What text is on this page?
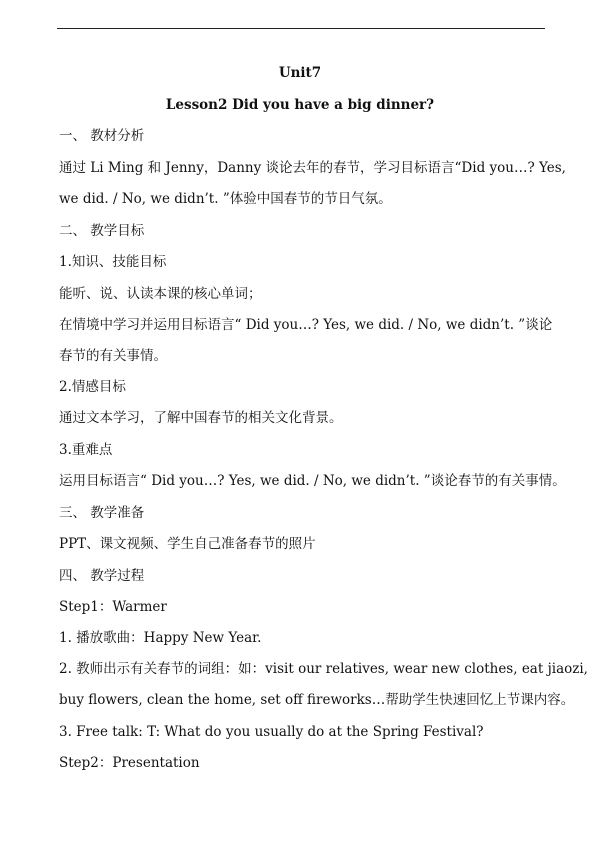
Unit7
Lesson2 Did you have a big dinner?
一、 教材分析
通过 Li Ming 和 Jenny，Danny 谈论去年的春节，学习目标语言“Did you…? Yes,
we did. / No, we didn’t. ”体验中国春节的节日气氛。
二、 教学目标
1.知识、技能目标
能听、说、认读本课的核心单词；
在情境中学习并运用目标语言“ Did you…? Yes, we did. / No, we didn’t. ”谈论
春节的有关事情。
2.情感目标
通过文本学习，了解中国春节的相关文化背景。
3.重难点
运用目标语言“ Did you…? Yes, we did. / No, we didn’t. ”谈论春节的有关事情。
三、 教学准备
PPT、课文视频、学生自己准备春节的照片
四、 教学过程
Step1：Warmer
1. 播放歌曲：Happy New Year.
2. 教师出示有关春节的词组：如：visit our relatives, wear new clothes, eat jiaozi,
buy flowers, clean the home, set off fireworks…帮助学生快速回忆上节课内容。
3. Free talk: T: What do you usually do at the Spring Festival?
Step2：Presentation
